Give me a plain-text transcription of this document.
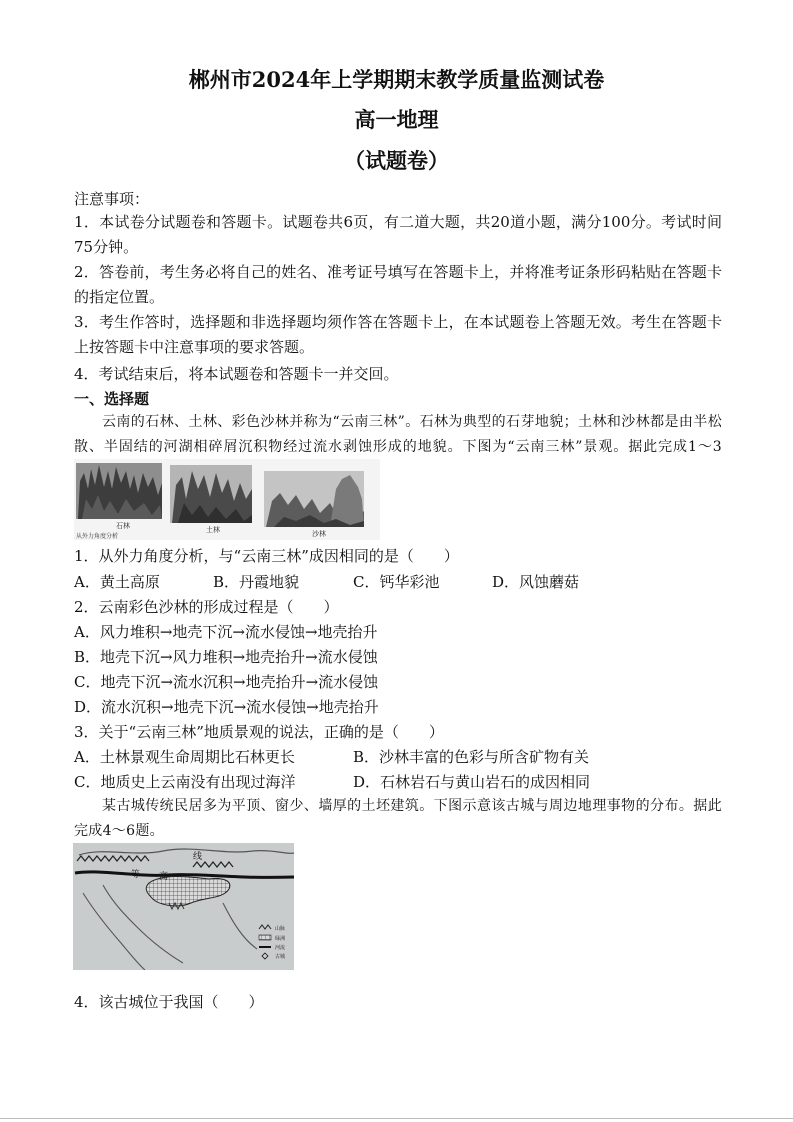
郴州市2024年上学期期末教学质量监测试卷
高一地理
（试题卷）
注意事项：
1．本试卷分试题卷和答题卡。试题卷共6页，有二道大题，共20道小题，满分100分。考试时间75分钟。
2．答卷前，考生务必将自己的姓名、准考证号填写在答题卡上，并将准考证条形码粘贴在答题卡的指定位置。
3．考生作答时，选择题和非选择题均须作答在答题卡上，在本试题卷上答题无效。考生在答题卡上按答题卡中注意事项的要求答题。
4．考试结束后，将本试题卷和答题卡一并交回。
一、选择题
云南的石林、土林、彩色沙林并称为“云南三林”。石林为典型的石芽地貌；土林和沙林都是由半松散、半固结的河湖相碎屑沉积物经过流水剥蚀形成的地貌。下图为“云南三林”景观。据此完成1～3
石林	土林	沙林
从外力角度分析
1．从外力角度分析，与“云南三林”成因相同的是（　　）
A．黄土高原	B．丹霞地貌	C．钙华彩池	D．风蚀蘑菇
2．云南彩色沙林的形成过程是（　　）
A．风力堆积→地壳下沉→流水侵蚀→地壳抬升
B．地壳下沉→风力堆积→地壳抬升→流水侵蚀
C．地壳下沉→流水沉积→地壳抬升→流水侵蚀
D．流水沉积→地壳下沉→流水侵蚀→地壳抬升
3．关于“云南三林”地质景观的说法，正确的是（　　）
A．土林景观生命周期比石林更长	B．沙林丰富的色彩与所含矿物有关
C．地质史上云南没有出现过海洋	D．石林岩石与黄山岩石的成因相同
某古城传统民居多为平顶、窗少、墙厚的土坯建筑。下图示意该古城与周边地理事物的分布。据此完成4～6题。
线
等 高
山脉
绿洲
河流
古城
4．该古城位于我国（　　）
